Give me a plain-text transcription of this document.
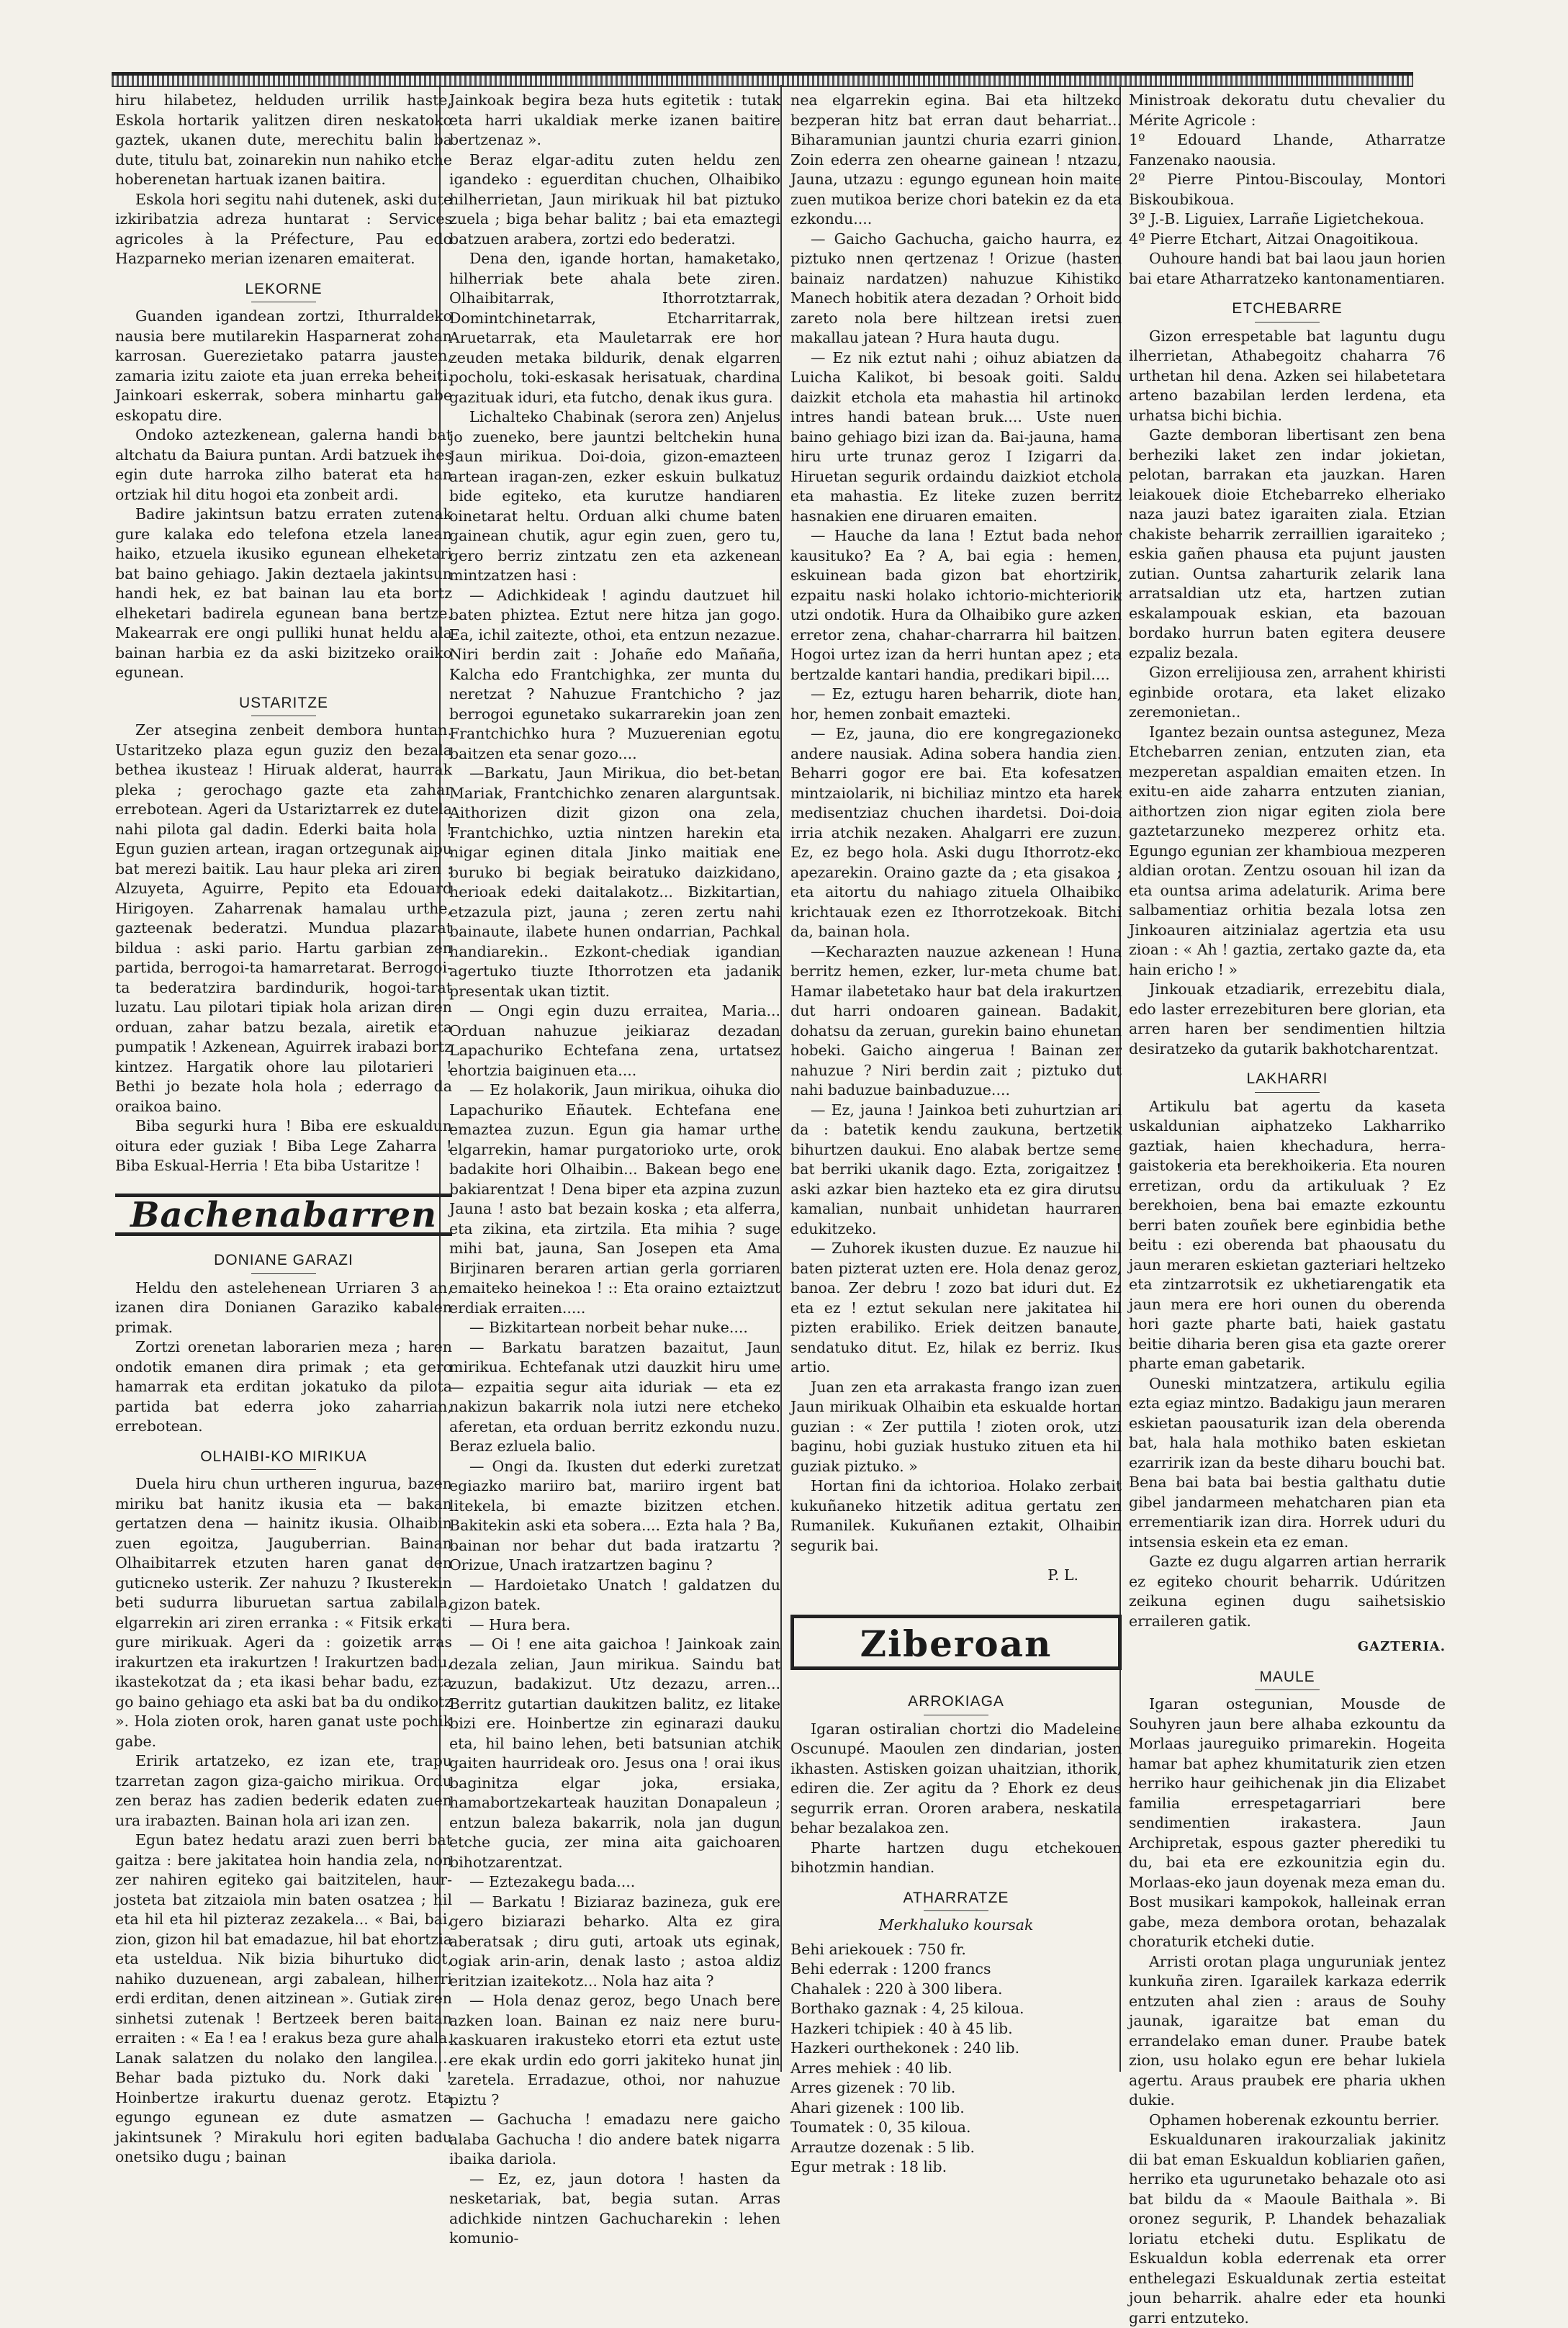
hiru hilabetez, helduden urrilik haste, Eskola hortarik yalitzen diren neskatoko gaztek, ukanen dute, merechitu balin ba dute, titulu bat, zoinarekin nun nahiko etche hoberenetan hartuak izanen baitira.

Eskola hori segitu nahi dutenek, aski dute izkiribatzia adreza huntarat : Services agricoles à la Préfecture, Pau edo Hazparneko merian izenaren emaiterat.

LEKORNE

Guanden igandean zortzi, Ithurraldeko nausia bere mutilarekin Hasparnerat zohan karrosan. Guerezietako patarra jausten, zamaria izitu zaiote eta juan erreka beheiti. Jainkoari eskerrak, sobera minhartu gabe eskopatu dire.

Ondoko aztezkenean, galerna handi bat altchatu da Baiura puntan. Ardi batzuek ihes egin dute harroka zilho baterat eta han ortziak hil ditu hogoi eta zonbeit ardi.

Badire jakintsun batzu erraten zutenak gure kalaka edo telefona etzela lanean haiko, etzuela ikusiko egunean elheketari bat baino gehiago. Jakin deztaela jakintsun handi hek, ez bat bainan lau eta bortz elheketari badirela egunean bana bertze. Makearrak ere ongi pulliki hunat heldu ala bainan harbia ez da aski bizitzeko oraiko egunean.

USTARITZE

Zer atsegina zenbeit dembora huntan. Ustaritzeko plaza egun guziz den bezala bethea ikusteaz ! Hiruak alderat, haurrak pleka ; gerochago gazte eta zahar errebotean. Ageri da Ustariztarrek ez dutela nahi pilota gal dadin. Ederki baita hola ! Egun guzien artean, iragan ortzegunak aipu bat merezi baitik. Lau haur pleka ari ziren : Alzuyeta, Aguirre, Pepito eta Edouard Hirigoyen. Zaharrenak hamalau urthe, gazteenak bederatzi. Mundua plazarat bildua : aski pario. Hartu garbian zen partida, berrogoi-ta hamarretarat. Berrogoi-ta bederatzira bardindurik, hogoi-tarat luzatu. Lau pilotari tipiak hola arizan diren orduan, zahar batzu bezala, airetik eta pumpatik ! Azkenean, Aguirrek irabazi bortz kintzez. Hargatik ohore lau pilotarieri ! Bethi jo bezate hola hola ; ederrago da oraikoa baino.

Biba segurki hura ! Biba ere eskualdun oitura eder guziak ! Biba Lege Zaharra ! Biba Eskual-Herria ! Eta biba Ustaritze !

Bachenabarren

DONIANE GARAZI

Heldu den astelehenean Urriaren 3 an, izanen dira Donianen Garaziko kabalen primak.

Zortzi orenetan laborarien meza ; haren ondotik emanen dira primak ; eta gero hamarrak eta erditan jokatuko da pilota partida bat ederra joko zaharrian, errebotean.

OLHAIBI-KO MIRIKUA

Duela hiru chun urtheren ingurua, bazen miriku bat hanitz ikusia eta — bakan gertatzen dena — hainitz ikusia. Olhaibin zuen egoitza, Jauguberrian. Bainan Olhaibitarrek etzuten haren ganat den guticneko usterik. Zer nahuzu ? Ikusterekin beti sudurra liburuetan sartua zabilala, elgarrekin ari ziren erranka : « Fitsik erkati gure mirikuak. Ageri da : goizetik arras irakurtzen eta irakurtzen ! Irakurtzen badu, ikastekotzat da ; eta ikasi behar badu, ezta go baino gehiago eta aski bat ba du ondikotz ». Hola zioten orok, haren ganat uste pochik gabe.

Eririk artatzeko, ez izan ete, trapu tzarretan zagon giza-gaicho mirikua. Ordu zen beraz has zadien bederik edaten zuen ura irabazten. Bainan hola ari izan zen.

Egun batez hedatu arazi zuen berri bat gaitza : bere jakitatea hoin handia zela, non zer nahiren egiteko gai baitzitelen, haur-josteta bat zitzaiola min baten osatzea ; hil eta hil eta hil pizteraz zezakela... « Bai, bai, zion, gizon hil bat emadazue, hil bat ehortzia eta usteldua. Nik bizia bihurtuko diot, nahiko duzuenean, argi zabalean, hilherri erdi erditan, denen aitzinean ». Gutiak ziren sinhetsi zutenak ! Bertzeek beren baitan erraiten : « Ea ! ea ! erakus beza gure ahala. Lanak salatzen du nolako den langilea.... Behar bada piztuko du. Nork daki ! Hoinbertze irakurtu duenaz gerotz. Eta egungo egunean ez dute asmatzen jakintsunek ? Mirakulu hori egiten badu onetsiko dugu ; bainan

Jainkoak begira beza huts egitetik : tutak eta harri ukaldiak merke izanen baitire bertzenaz ».

Beraz elgar-aditu zuten heldu zen igandeko : eguerditan chuchen, Olhaibiko hilherrietan, Jaun mirikuak hil bat piztuko zuela ; biga behar balitz ; bai eta emaztegi batzuen arabera, zortzi edo bederatzi.

Dena den, igande hortan, hamaketako, hilherriak bete ahala bete ziren. Olhaibitarrak, Ithorrotztarrak, Domintchinetarrak, Etcharritarrak, Aruetarrak, eta Mauletarrak ere hor zeuden metaka bildurik, denak elgarren pocholu, toki-eskasak herisatuak, chardina gazituak iduri, eta futcho, denak ikus gura.

Lichalteko Chabinak (serora zen) Anjelus jo zueneko, bere jauntzi beltchekin huna Jaun mirikua. Doi-doia, gizon-emazteen artean iragan-zen, ezker eskuin bulkatuz bide egiteko, eta kurutze handiaren oinetarat heltu. Orduan alki chume baten gainean chutik, agur egin zuen, gero tu, gero berriz zintzatu zen eta azkenean mintzatzen hasi :

— Adichkideak ! agindu dautzuet hil baten phiztea. Eztut nere hitza jan gogo. Ea, ichil zaitezte, othoi, eta entzun nezazue. Niri berdin zait : Johañe edo Mañaña, Kalcha edo Frantchighka, zer munta du neretzat ? Nahuzue Frantchicho ? jaz berrogoi egunetako sukarrarekin joan zen Frantchichko hura ? Muzuerenian egotu baitzen eta senar gozo....

—Barkatu, Jaun Mirikua, dio bet-betan Mariak, Frantchichko zenaren alarguntsak. Aithorizen dizit gizon ona zela, Frantchichko, uztia nintzen harekin eta nigar eginen ditala Jinko maitiak ene buruko bi begiak beiratuko daizkidano, herioak edeki daitalakotz... Bizkitartian, etzazula pizt, jauna ; zeren zertu nahi bainaute, ilabete hunen ondarrian, Pachkal handiarekin.. Ezkont-chediak igandian agertuko tiuzte Ithorrotzen eta jadanik presentak ukan tiztit.

— Ongi egin duzu erraitea, Maria... Orduan nahuzue jeikiaraz dezadan Lapachuriko Echtefana zena, urtatsez ehortzia baiginuen eta....

— Ez holakorik, Jaun mirikua, oihuka dio Lapachuriko Eñautek. Echtefana ene emaztea zuzun. Egun gia hamar urthe elgarrekin, hamar purgatorioko urte, orok badakite hori Olhaibin... Bakean bego ene bakiarentzat ! Dena biper eta azpina zuzun Jauna ! asto bat bezain koska ; eta alferra, eta zikina, eta zirtzila. Eta mihia ? suge mihi bat, jauna, San Josepen eta Ama Birjinaren beraren artian gerla gorriaren emaiteko heinekoa ! :: Eta oraino eztaiztzut erdiak erraiten.....

— Bizkitartean norbeit behar nuke....

— Barkatu baratzen bazaitut, Jaun mirikua. Echtefanak utzi dauzkit hiru ume — ezpaitia segur aita iduriak — eta ez nakizun bakarrik nola iutzi nere etcheko aferetan, eta orduan berritz ezkondu nuzu. Beraz ezluela balio.

— Ongi da. Ikusten dut ederki zuretzat egiazko mariiro bat, mariiro irgent bat litekela, bi emazte bizitzen etchen. Bakitekin aski eta sobera.... Ezta hala ? Ba, bainan nor behar dut bada iratzartu ? Orizue, Unach iratzartzen baginu ?

— Hardoietako Unatch ! galdatzen du gizon batek.

— Hura bera.

— Oi ! ene aita gaichoa ! Jainkoak zain dezala zelian, Jaun mirikua. Saindu bat zuzun, badakizut. Utz dezazu, arren... Berritz gutartian daukitzen balitz, ez litake bizi ere. Hoinbertze zin eginarazi dauku eta, hil baino lehen, beti batsunian atchik gaiten haurrideak oro. Jesus ona ! orai ikus baginitza elgar joka, ersiaka, hamabortzekarteak hauzitan Donapaleun ; entzun baleza bakarrik, nola jan dugun etche gucia, zer mina aita gaichoaren bihotzarentzat.

— Eztezakegu bada....

— Barkatu ! Biziaraz bazineza, guk ere gero biziarazi beharko. Alta ez gira aberatsak ; diru guti, artoak uts eginak, ogiak arin-arin, denak lasto ; astoa aldiz eritzian izaitekotz... Nola haz aita ?

— Hola denaz geroz, bego Unach bere azken loan. Bainan ez naiz nere buru-kaskuaren irakusteko etorri eta eztut uste ere ekak urdin edo gorri jakiteko hunat jin zaretela. Erradazue, othoi, nor nahuzue piztu ?

— Gachucha ! emadazu nere gaicho alaba Gachucha ! dio andere batek nigarra ibaika dariola.

— Ez, ez, jaun dotora ! hasten da nesketariak, bat, begia sutan. Arras adichkide nintzen Gachucharekin : lehen komunio-

nea elgarrekin egina. Bai eta hiltzeko bezperan hitz bat erran daut beharriat... Biharamunian jauntzi churia ezarri ginion. Zoin ederra zen ohearne gainean ! ntzazu, Jauna, utzazu : egungo egunean hoin maite zuen mutikoa berize chori batekin ez da eta ezkondu....

— Gaicho Gachucha, gaicho haurra, ez piztuko nnen qertzenaz ! Orizue (hasten bainaiz nardatzen) nahuzue Kihistiko Manech hobitik atera dezadan ? Orhoit bido zareto nola bere hiltzean iretsi zuen makallau jatean ? Hura hauta dugu.

— Ez nik eztut nahi ; oihuz abiatzen da Luicha Kalikot, bi besoak goiti. Saldu daizkit etchola eta mahastia hil artinoko intres handi batean bruk.... Uste nuen baino gehiago bizi izan da. Bai-jauna, hama hiru urte trunaz geroz I Izigarri da. Hiruetan segurik ordaindu daizkiot etchola eta mahastia. Ez liteke zuzen berritz hasnakien ene diruaren emaiten.

— Hauche da lana ! Eztut bada nehor kausituko? Ea ? A, bai egia : hemen, eskuinean bada gizon bat ehortzirik, ezpaitu naski holako ichtorio-michteriorik utzi ondotik. Hura da Olhaibiko gure azken erretor zena, chahar-charrarra hil baitzen. Hogoi urtez izan da herri huntan apez ; eta bertzalde kantari handia, predikari bipil....

— Ez, eztugu haren beharrik, diote han, hor, hemen zonbait emazteki.

— Ez, jauna, dio ere kongregazioneko andere nausiak. Adina sobera handia zien. Beharri gogor ere bai. Eta kofesatzen mintzaiolarik, ni bichiliaz mintzo eta harek medisentziaz chuchen ihardetsi. Doi-doia irria atchik nezaken. Ahalgarri ere zuzun. Ez, ez bego hola. Aski dugu Ithorrotz-eko apezarekin. Oraino gazte da ; eta gisakoa ; eta aitortu du nahiago zituela Olhaibiko krichtauak ezen ez Ithorrotzekoak. Bitchi da, bainan hola.

—Kecharazten nauzue azkenean ! Huna berritz hemen, ezker, lur-meta chume bat. Hamar ilabetetako haur bat dela irakurtzen dut harri ondoaren gainean. Badakit, dohatsu da zeruan, gurekin baino ehunetan hobeki. Gaicho aingerua ! Bainan zer nahuzue ? Niri berdin zait ; piztuko dut nahi baduzue bainbaduzue....

— Ez, jauna ! Jainkoa beti zuhurtzian ari da : batetik kendu zaukuna, bertzetik bihurtzen daukui. Eno alabak bertze seme bat berriki ukanik dago. Ezta, zorigaitzez ! aski azkar bien hazteko eta ez gira dirutsu kamalian, nunbait unhidetan haurraren edukitzeko.

— Zuhorek ikusten duzue. Ez nauzue hil baten pizterat uzten ere. Hola denaz geroz, banoa. Zer debru ! zozo bat iduri dut. Ez eta ez ! eztut sekulan nere jakitatea hil pizten erabiliko. Eriek deitzen banaute, sendatuko ditut. Ez, hilak ez berriz. Ikus artio.

Juan zen eta arrakasta frango izan zuen Jaun mirikuak Olhaibin eta eskualde hortan guzian : « Zer puttila ! zioten orok, utzi baginu, hobi guziak hustuko zituen eta hil guziak piztuko. »

Hortan fini da ichtorioa. Holako zerbait kukuñaneko hitzetik aditua gertatu zen Rumanilek. Kukuñanen eztakit, Olhaibin segurik bai.

P. L.

Ziberoan

ARROKIAGA

Igaran ostiralian chortzi dio Madeleine Oscunupé. Maoulen zen dindarian, josten ikhasten. Astisken goizan uhaitzian, ithorik, ediren die. Zer agitu da ? Ehork ez deus segurrik erran. Ororen arabera, neskatila behar bezalakoa zen.

Pharte hartzen dugu etchekouen bihotzmin handian.

ATHARRATZE

Merkhaluko koursak

Behi ariekouek : 750 fr.

Behi ederrak : 1200 francs

Chahalek : 220 à 300 libera.

Borthako gaznak : 4, 25 kiloua.

Hazkeri tchipiek : 40 à 45 lib.

Hazkeri ourthekonek : 240 lib.

Arres mehiek : 40 lib.

Arres gizenek : 70 lib.

Ahari gizenek : 100 lib.

Toumatek : 0, 35 kiloua.

Arrautze dozenak : 5 lib.

Egur metrak : 18 lib.

Ministroak dekoratu dutu chevalier du Mérite Agricole :

1º Edouard Lhande, Atharratze Fanzenako naousia.

2º Pierre Pintou-Biscoulay, Montori Biskoubikoua.

3º J.-B. Liguiex, Larrañe Ligietchekoua.

4º Pierre Etchart, Aitzai Onagoitikoua.

Ouhoure handi bat bai laou jaun horien bai etare Atharratzeko kantonamentiaren.

ETCHEBARRE

Gizon errespetable bat laguntu dugu ilherrietan, Athabegoitz chaharra 76 urthetan hil dena. Azken sei hilabetetara arteno bazabilan lerden lerdena, eta urhatsa bichi bichia.

Gazte demboran libertisant zen bena berheziki laket zen indar jokietan, pelotan, barrakan eta jauzkan. Haren leiakouek dioie Etchebarreko elheriako naza jauzi batez igaraiten ziala. Etzian chakiste beharrik zerraillien igaraiteko ; eskia gañen phausa eta pujunt jausten zutian. Ountsa zaharturik zelarik lana arratsaldian utz eta, hartzen zutian eskalampouak eskian, eta bazouan bordako hurrun baten egitera deusere ezpaliz bezala.

Gizon errelijiousa zen, arrahent khiristi eginbide orotara, eta laket elizako zeremonietan..

Igantez bezain ountsa astegunez, Meza Etchebarren zenian, entzuten zian, eta mezperetan aspaldian emaiten etzen. In exitu-en aide zaharra entzuten zianian, aithortzen zion nigar egiten ziola bere gaztetarzuneko mezperez orhitz eta. Egungo egunian zer khambioua mezperen aldian orotan. Zentzu osouan hil izan da eta ountsa arima adelaturik. Arima bere salbamentiaz orhitia bezala lotsa zen Jinkoauren aitzinialaz agertzia eta usu zioan : « Ah ! gaztia, zertako gazte da, eta hain ericho ! »

Jinkouak etzadiarik, errezebitu diala, edo laster errezebituren bere glorian, eta arren haren ber sendimentien hiltzia desiratzeko da gutarik bakhotcharentzat.

LAKHARRI

Artikulu bat agertu da kaseta uskaldunian aiphatzeko Lakharriko gaztiak, haien khechadura, herra-gaistokeria eta berekhoikeria. Eta nouren erretizan, ordu da artikuluak ? Ez berekhoien, bena bai emazte ezkountu berri baten zouñek bere eginbidia bethe beitu : ezi oberenda bat phaousatu du jaun meraren eskietan gazteriari heltzeko eta zintzarrotsik ez ukhetiarengatik eta jaun mera ere hori ounen du oberenda hori gazte pharte bati, haiek gastatu beitie diharia beren gisa eta gazte orerer pharte eman gabetarik.

Ouneski mintzatzera, artikulu egilia ezta egiaz mintzo. Badakigu jaun meraren eskietan paousaturik izan dela oberenda bat, hala hala mothiko baten eskietan ezarririk izan da beste diharu bouchi bat. Bena bai bata bai bestia galthatu dutie gibel jandarmeen mehatcharen pian eta errementiarik izan dira. Horrek uduri du intsensia eskein eta ez eman.

Gazte ez dugu algarren artian herrarik ez egiteko chourit beharrik. Udúritzen zeikuna eginen dugu saihetsiskio erraileren gatik.

GAZTERIA.

MAULE

Igaran ostegunian, Mousde de Souhyren jaun bere alhaba ezkountu da Morlaas jaureguiko primarekin. Hogeita hamar bat aphez khumitaturik zien etzen herriko haur geihichenak jin dia Elizabet familia errespetagarriari bere sendimentien irakastera. Jaun Archipretak, espous gazter pherediki tu du, bai eta ere ezkounitzia egin du. Morlaas-eko jaun doyenak meza eman du. Bost musikari kampokok, halleinak erran gabe, meza dembora orotan, behazalak choraturik etcheki dutie.

Arristi orotan plaga unguruniak jentez kunkuña ziren. Igarailek karkaza ederrik entzuten ahal zien : araus de Souhy jaunak, igaraitze bat eman du errandelako eman duner. Praube batek zion, usu holako egun ere behar lukiela agertu. Araus praubek ere pharia ukhen dukie.

Ophamen hoberenak ezkountu berrier.

Eskualdunaren irakourzaliak jakinitz dii bat eman Eskualdun kobliarien gañen, herriko eta ugurunetako behazale oto asi bat bildu da « Maoule Baithala ». Bi oronez segurik, P. Lhandek behazaliak loriatu etcheki dutu. Esplikatu de Eskualdun kobla ederrenak eta orrer enthelegazi Eskualdunak zertia esteitat joun beharrik. ahalre eder eta hounki garri entzuteko.
